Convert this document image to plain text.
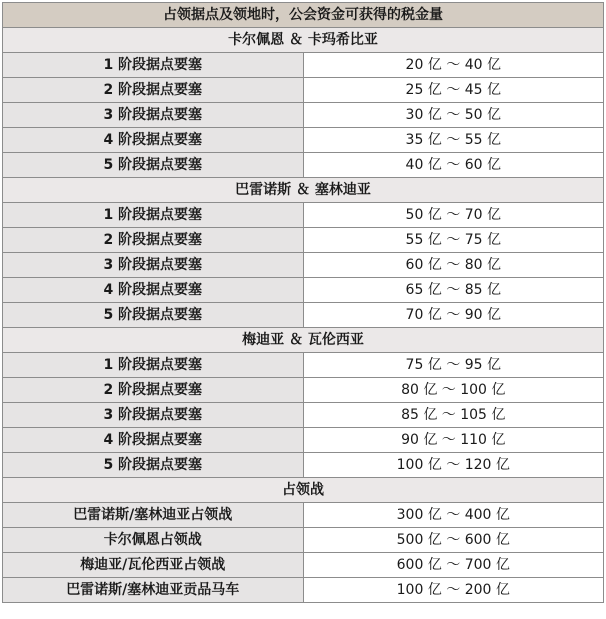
占领据点及领地时，公会资金可获得的税金量	
卡尔佩恩 ＆ 卡玛希比亚	
1 阶段据点要塞	20 亿 ～ 40 亿
2 阶段据点要塞	25 亿 ～ 45 亿
3 阶段据点要塞	30 亿 ～ 50 亿
4 阶段据点要塞	35 亿 ～ 55 亿
5 阶段据点要塞	40 亿 ～ 60 亿
巴雷诺斯 ＆ 塞林迪亚	
1 阶段据点要塞	50 亿 ～ 70 亿
2 阶段据点要塞	55 亿 ～ 75 亿
3 阶段据点要塞	60 亿 ～ 80 亿
4 阶段据点要塞	65 亿 ～ 85 亿
5 阶段据点要塞	70 亿 ～ 90 亿
梅迪亚 ＆ 瓦伦西亚	
1 阶段据点要塞	75 亿 ～ 95 亿
2 阶段据点要塞	80 亿 ～ 100 亿
3 阶段据点要塞	85 亿 ～ 105 亿
4 阶段据点要塞	90 亿 ～ 110 亿
5 阶段据点要塞	100 亿 ～ 120 亿
占领战	
巴雷诺斯/塞林迪亚占领战	300 亿 ～ 400 亿
卡尔佩恩占领战	500 亿 ～ 600 亿
梅迪亚/瓦伦西亚占领战	600 亿 ～ 700 亿
巴雷诺斯/塞林迪亚贡品马车	100 亿 ～ 200 亿
